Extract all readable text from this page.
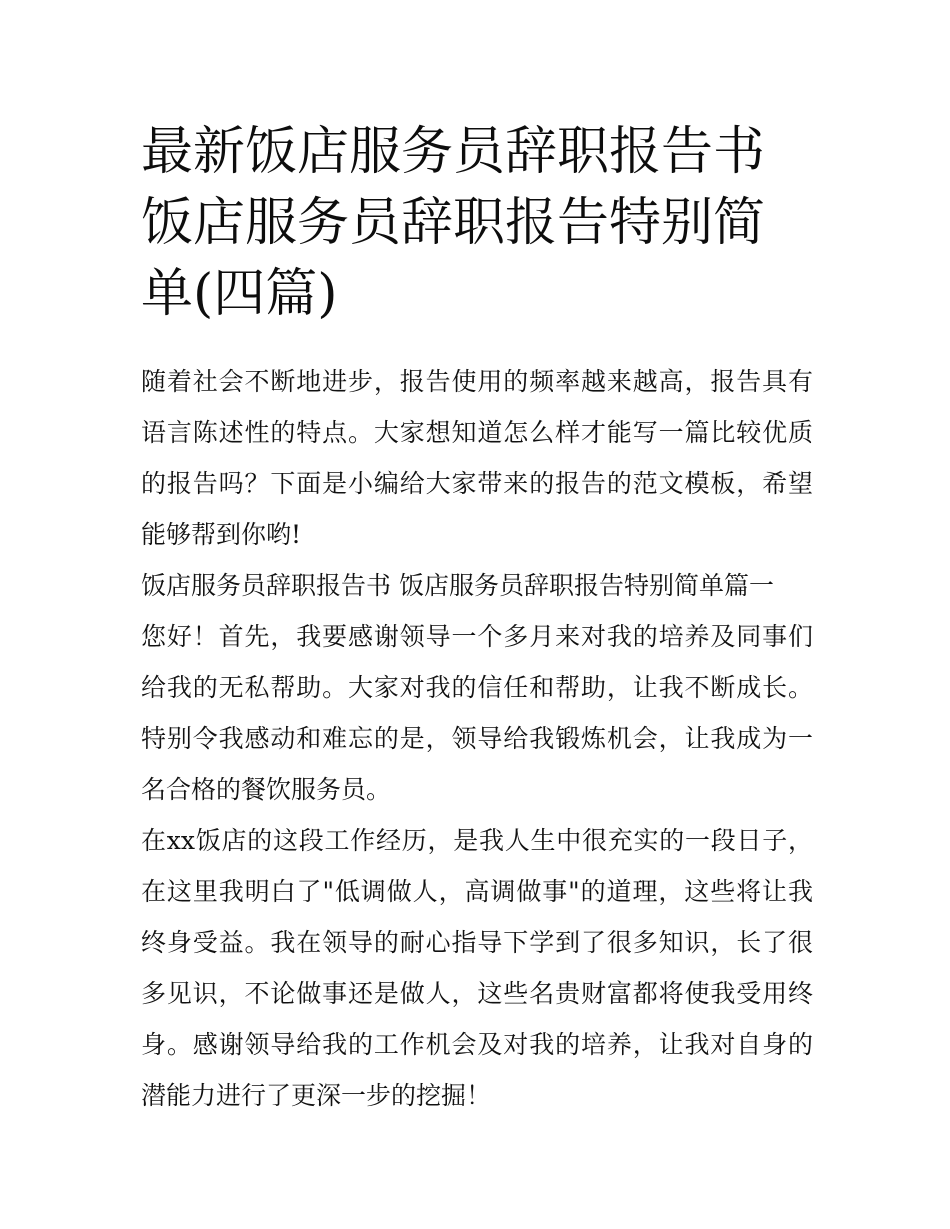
最新饭店服务员辞职报告书 饭店服务员辞职报告特别简单(四篇)

随着社会不断地进步，报告使用的频率越来越高，报告具有语言陈述性的特点。大家想知道怎么样才能写一篇比较优质的报告吗？下面是小编给大家带来的报告的范文模板，希望能够帮到你哟!

饭店服务员辞职报告书 饭店服务员辞职报告特别简单篇一

您好！首先，我要感谢领导一个多月来对我的培养及同事们给我的无私帮助。大家对我的信任和帮助，让我不断成长。特别令我感动和难忘的是，领导给我锻炼机会，让我成为一名合格的餐饮服务员。

在xx饭店的这段工作经历，是我人生中很充实的一段日子，在这里我明白了"低调做人，高调做事"的道理，这些将让我终身受益。我在领导的耐心指导下学到了很多知识，长了很多见识，不论做事还是做人，这些名贵财富都将使我受用终身。感谢领导给我的工作机会及对我的培养，让我对自身的潜能力进行了更深一步的挖掘！
